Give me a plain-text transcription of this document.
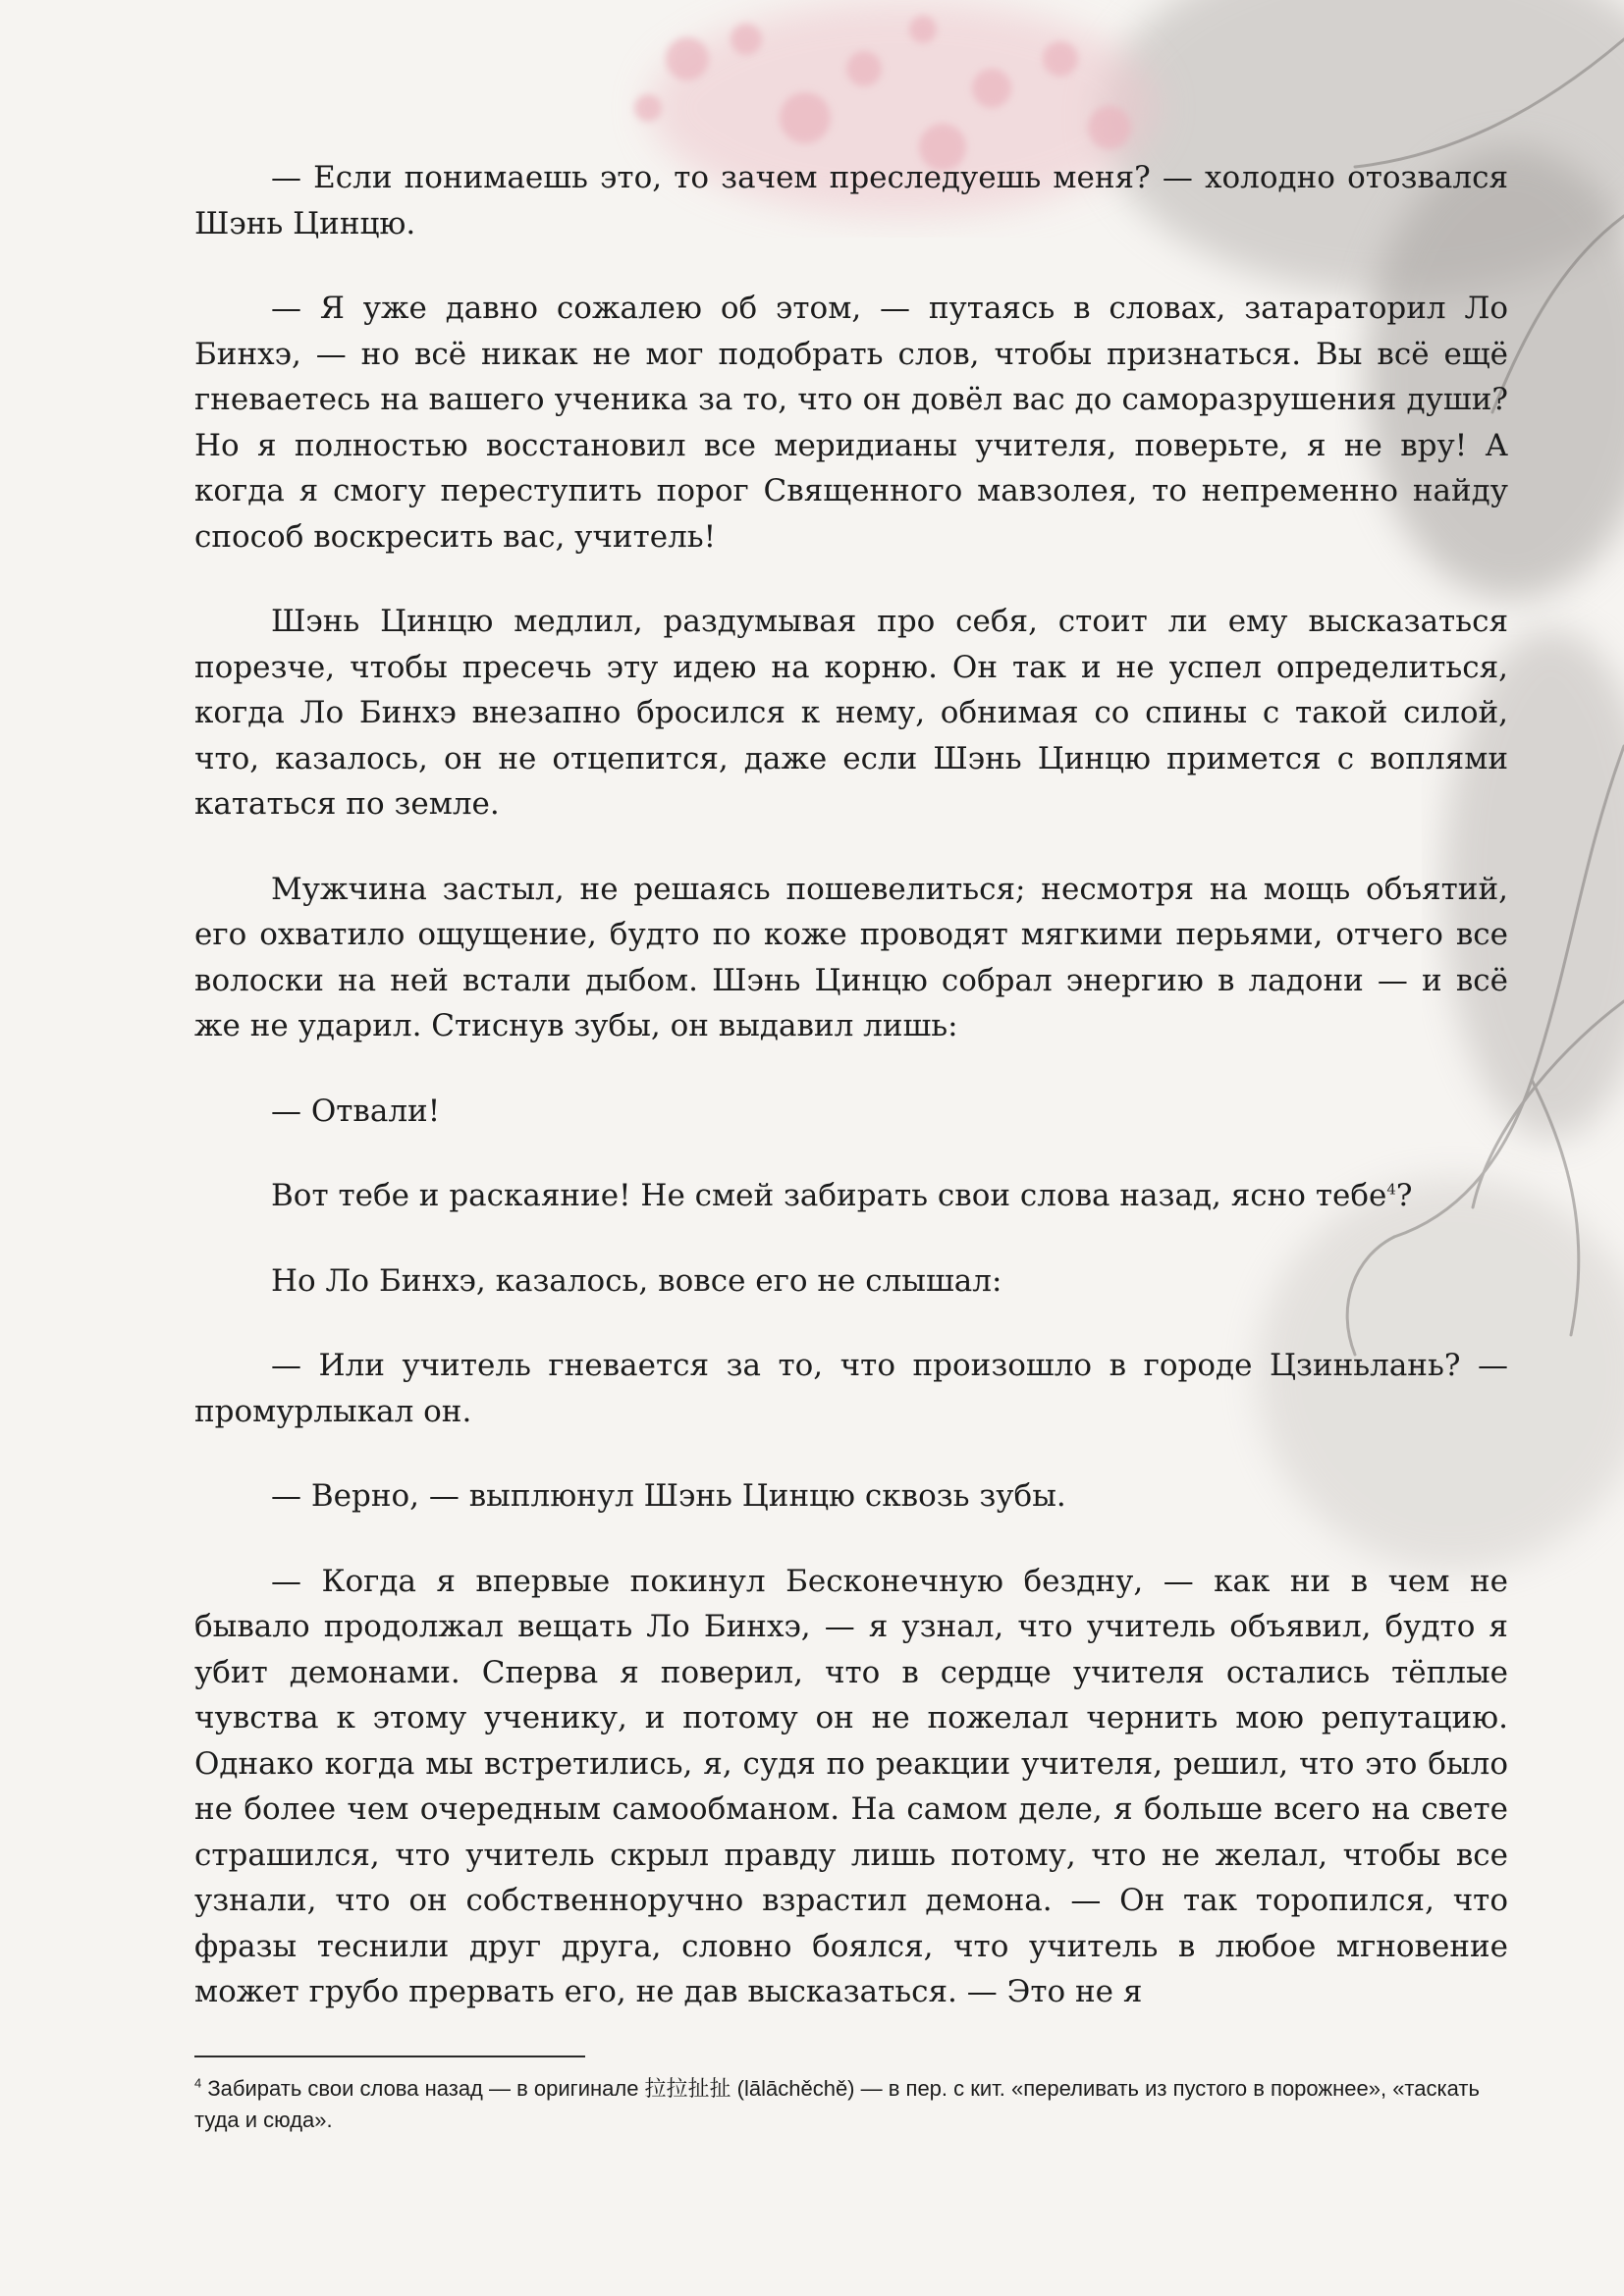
— Если понимаешь это, то зачем преследуешь меня? — холодно отозвался Шэнь Цинцю.

— Я уже давно сожалею об этом, — путаясь в словах, затараторил Ло Бинхэ, — но всё никак не мог подобрать слов, чтобы признаться. Вы всё ещё гневаетесь на вашего ученика за то, что он довёл вас до саморазрушения души? Но я полностью восстановил все меридианы учителя, поверьте, я не вру! А когда я смогу переступить порог Священного мавзолея, то непременно найду способ воскресить вас, учитель!

Шэнь Цинцю медлил, раздумывая про себя, стоит ли ему высказаться порезче, чтобы пресечь эту идею на корню. Он так и не успел определиться, когда Ло Бинхэ внезапно бросился к нему, обнимая со спины с такой силой, что, казалось, он не отцепится, даже если Шэнь Цинцю примется с воплями кататься по земле.

Мужчина застыл, не решаясь пошевелиться; несмотря на мощь объятий, его охватило ощущение, будто по коже проводят мягкими перьями, отчего все волоски на ней встали дыбом. Шэнь Цинцю собрал энергию в ладони — и всё же не ударил. Стиснув зубы, он выдавил лишь:

— Отвали!

Вот тебе и раскаяние! Не смей забирать свои слова назад, ясно тебе$^4$?

Но Ло Бинхэ, казалось, вовсе его не слышал:

— Или учитель гневается за то, что произошло в городе Цзиньлань? — промурлыкал он.

— Верно, — выплюнул Шэнь Цинцю сквозь зубы.

— Когда я впервые покинул Бесконечную бездну, — как ни в чем не бывало продолжал вещать Ло Бинхэ, — я узнал, что учитель объявил, будто я убит демонами. Сперва я поверил, что в сердце учителя остались тёплые чувства к этому ученику, и потому он не пожелал чернить мою репутацию. Однако когда мы встретились, я, судя по реакции учителя, решил, что это было не более чем очередным самообманом. На самом деле, я больше всего на свете страшился, что учитель скрыл правду лишь потому, что не желал, чтобы все узнали, что он собственноручно взрастил демона. — Он так торопился, что фразы теснили друг друга, словно боялся, что учитель в любое мгновение может грубо прервать его, не дав высказаться. — Это не я

$^4$ Забирать свои слова назад — в оригинале 拉拉扯扯 (lālāchěchě) — в пер. с кит. «переливать из пустого в порожнее», «таскать туда и сюда».
